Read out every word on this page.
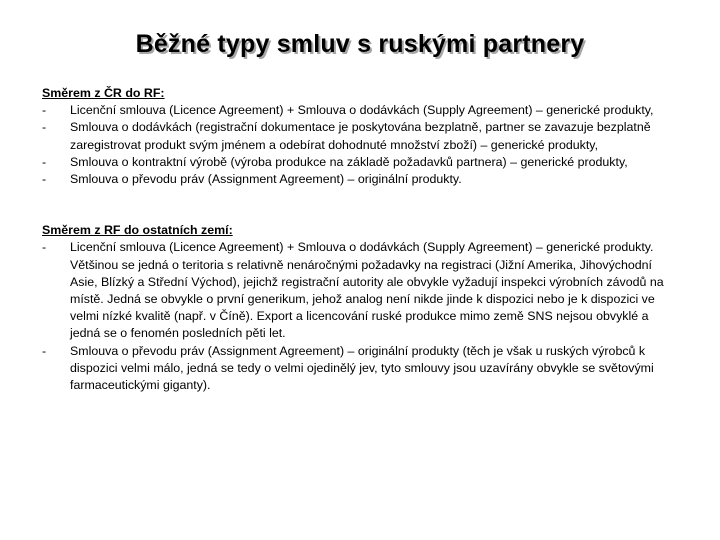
Běžné typy smluv s ruskými partnery
Směrem z ČR do RF:
-	Licenční smlouva (Licence Agreement) + Smlouva o dodávkách (Supply Agreement) – generické produkty,
-	Smlouva o dodávkách (registrační dokumentace je poskytována bezplatně, partner se zavazuje bezplatně zaregistrovat produkt svým jménem a odebírat dohodnuté množství zboží) – generické produkty,
-	Smlouva o kontraktní výrobě (výroba produkce na základě požadavků partnera) – generické produkty,
-	Smlouva o převodu práv (Assignment Agreement) – originální produkty.
Směrem z RF do ostatních zemí:
-	Licenční smlouva (Licence Agreement) + Smlouva o dodávkách (Supply Agreement) – generické produkty. Většinou se jedná o teritoria s relativně nenáročnými požadavky na registraci (Jižní Amerika, Jihovýchodní Asie, Blízký a Střední Východ), jejichž registrační autority ale obvykle vyžadují inspekci výrobních závodů na místě. Jedná se obvykle o první generikum, jehož analog není nikde jinde k dispozici nebo je k dispozici ve velmi nízké kvalitě (např. v Číně). Export a licencování ruské produkce mimo země SNS nejsou obvyklé a jedná se o fenomén posledních pěti let.
-	Smlouva o převodu práv (Assignment Agreement) – originální produkty (těch je však u ruských výrobců k dispozici velmi málo, jedná se tedy o velmi ojedinělý jev, tyto smlouvy jsou uzavírány obvykle se světovými farmaceutickými giganty).
